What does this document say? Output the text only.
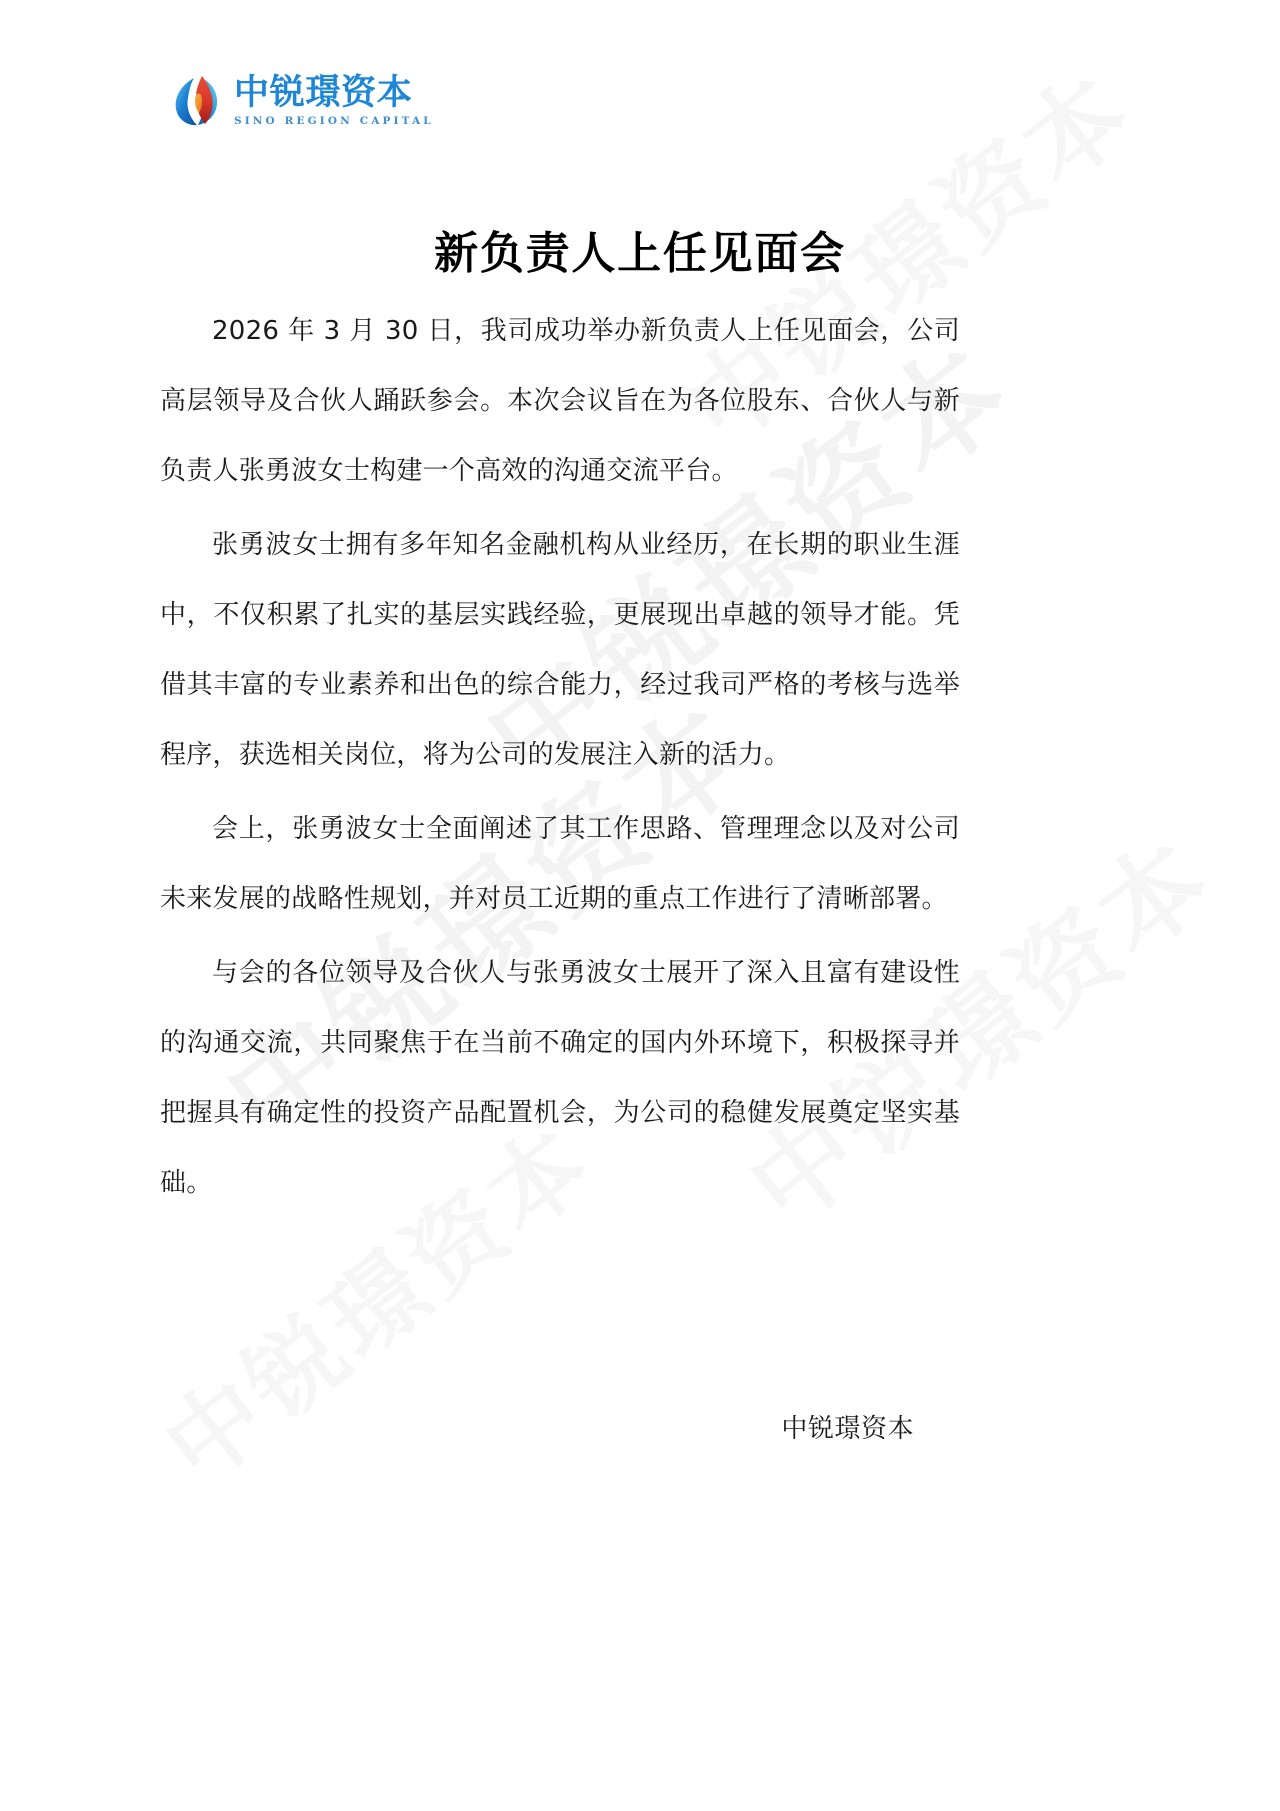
中锐璟资本
SINO REGION CAPITAL
新负责人上任见面会

2026 年 3 月 30 日，我司成功举办新负责人上任见面会，公司高层领导及合伙人踊跃参会。本次会议旨在为各位股东、合伙人与新负责人张勇波女士构建一个高效的沟通交流平台。

张勇波女士拥有多年知名金融机构从业经历，在长期的职业生涯中，不仅积累了扎实的基层实践经验，更展现出卓越的领导才能。凭借其丰富的专业素养和出色的综合能力，经过我司严格的考核与选举程序，获选相关岗位，将为公司的发展注入新的活力。

会上，张勇波女士全面阐述了其工作思路、管理理念以及对公司未来发展的战略性规划，并对员工近期的重点工作进行了清晰部署。

与会的各位领导及合伙人与张勇波女士展开了深入且富有建设性的沟通交流，共同聚焦于在当前不确定的国内外环境下，积极探寻并把握具有确定性的投资产品配置机会，为公司的稳健发展奠定坚实基础。

中锐璟资本
